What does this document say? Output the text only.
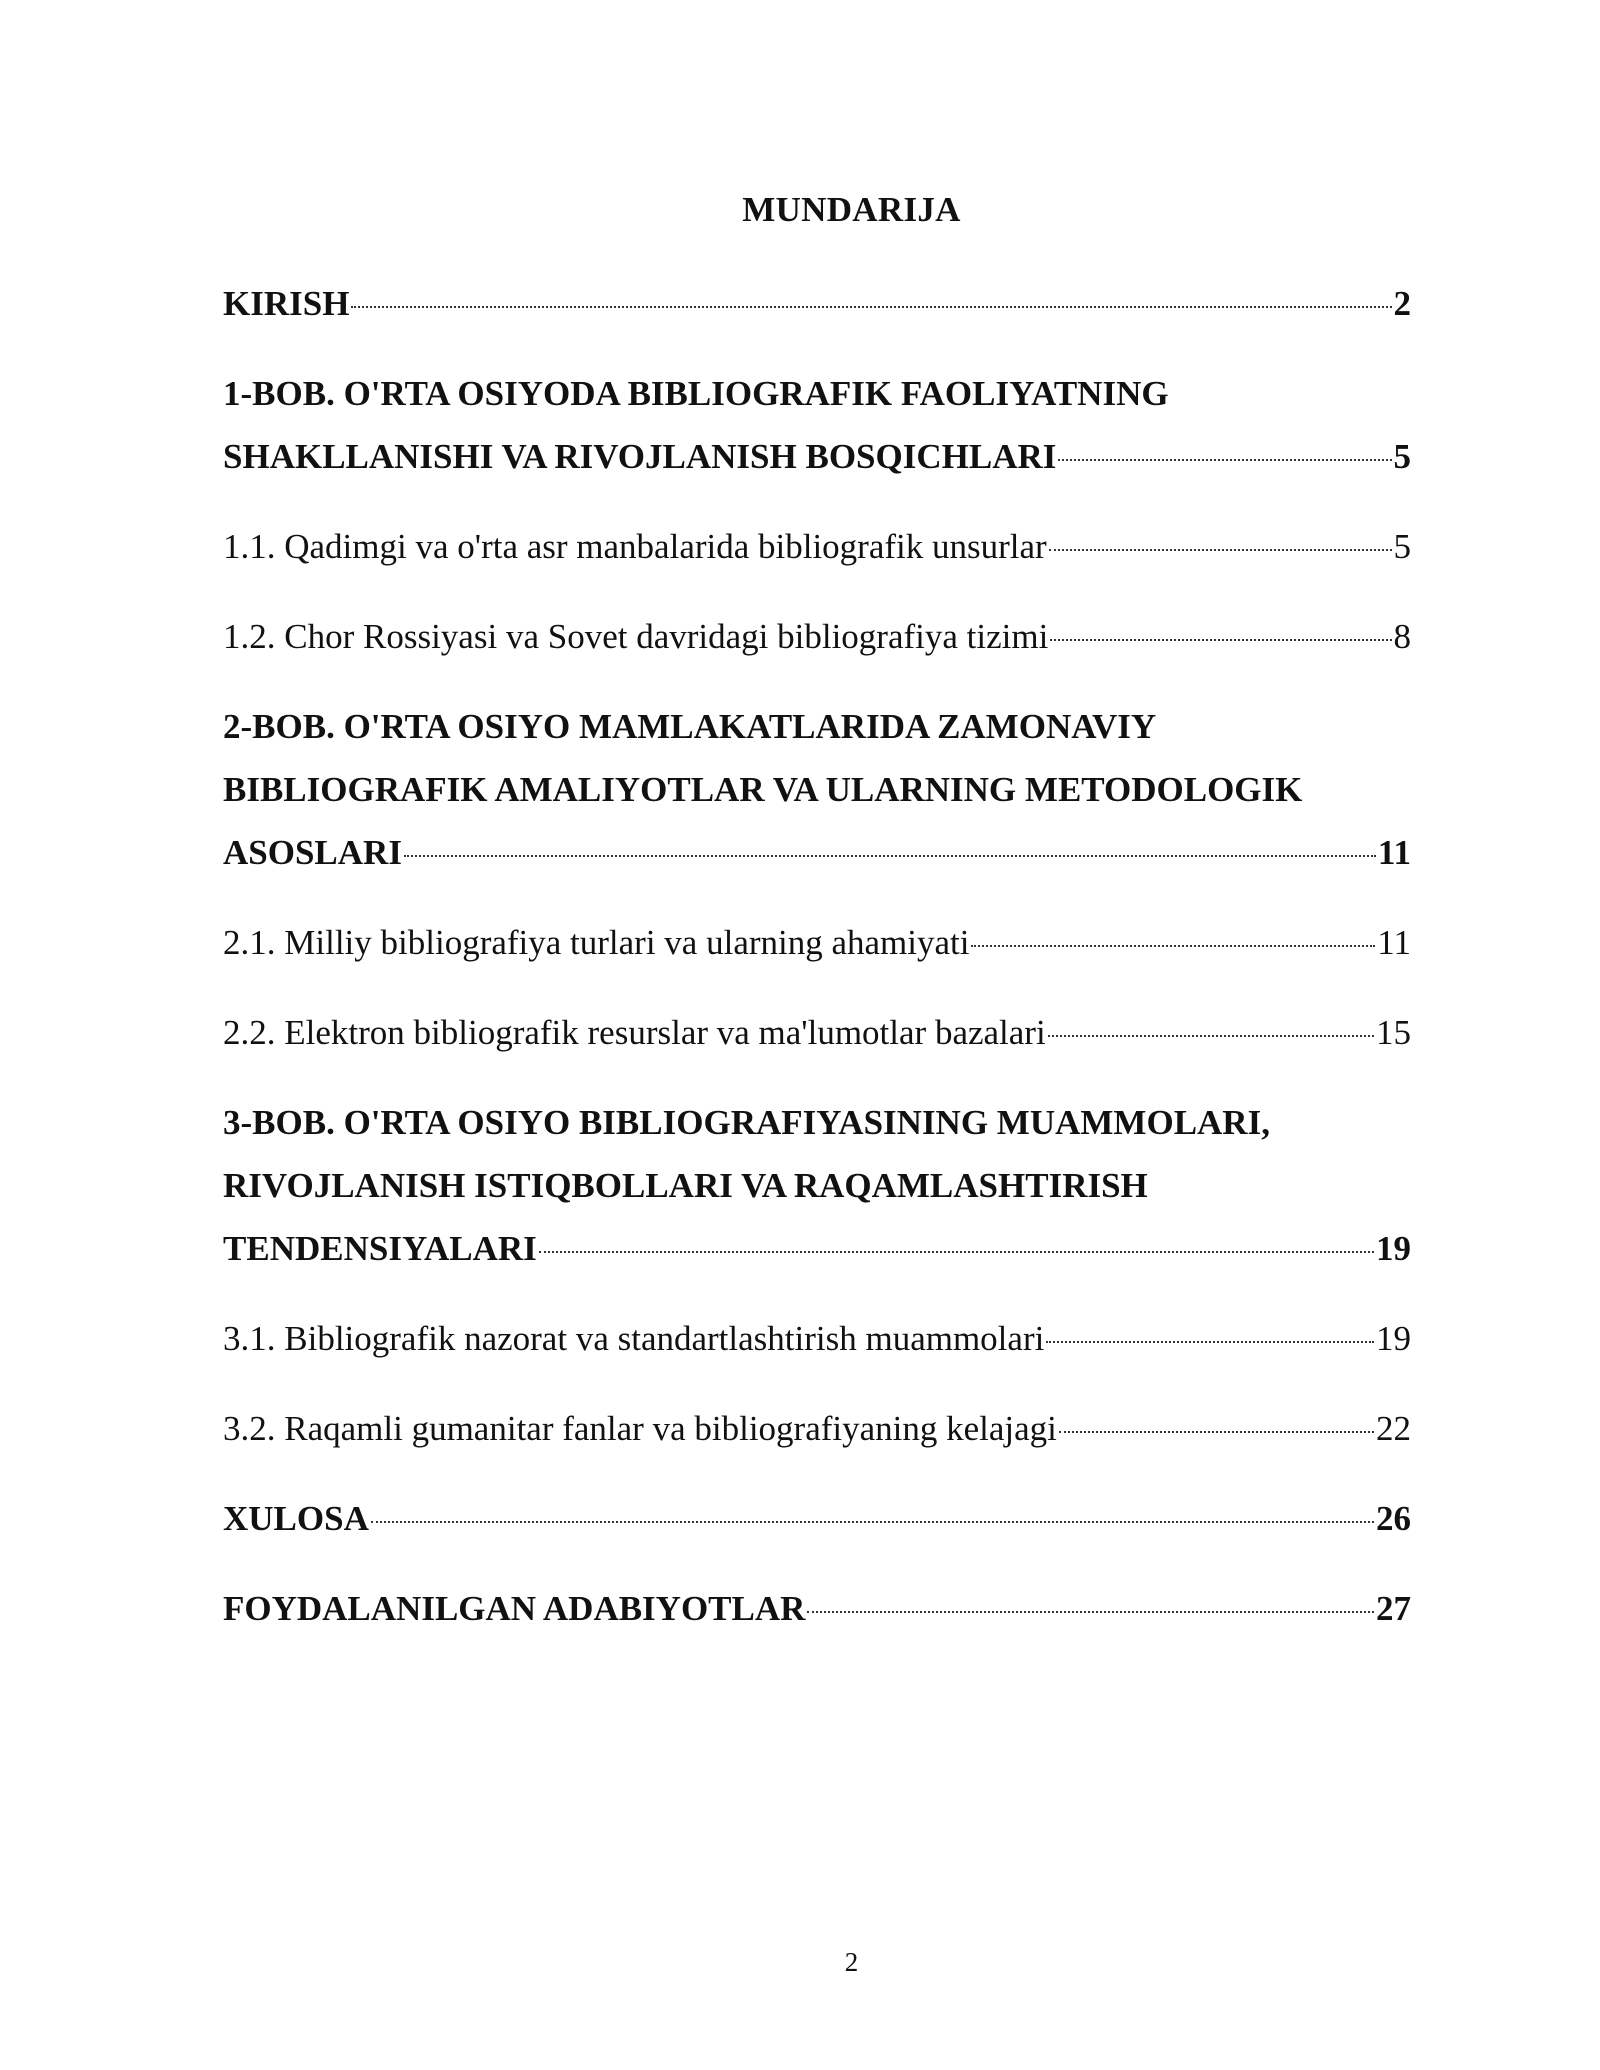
MUNDARIJA
KIRISH	2
1-BOB. O'RTA OSIYODA BIBLIOGRAFIK FAOLIYATNING
SHAKLLANISHI VA RIVOJLANISH BOSQICHLARI	5
1.1. Qadimgi va o'rta asr manbalarida bibliografik unsurlar	5
1.2. Chor Rossiyasi va Sovet davridagi bibliografiya tizimi	8
2-BOB. O'RTA OSIYO MAMLAKATLARIDA ZAMONAVIY
BIBLIOGRAFIK AMALIYOTLAR VA ULARNING METODOLOGIK
ASOSLARI	11
2.1. Milliy bibliografiya turlari va ularning ahamiyati	11
2.2. Elektron bibliografik resurslar va ma'lumotlar bazalari	15
3-BOB. O'RTA OSIYO BIBLIOGRAFIYASINING MUAMMOLARI,
RIVOJLANISH ISTIQBOLLARI VA RAQAMLASHTIRISH
TENDENSIYALARI	19
3.1. Bibliografik nazorat va standartlashtirish muammolari	19
3.2. Raqamli gumanitar fanlar va bibliografiyaning kelajagi	22
XULOSA	26
FOYDALANILGAN ADABIYOTLAR	27
2
